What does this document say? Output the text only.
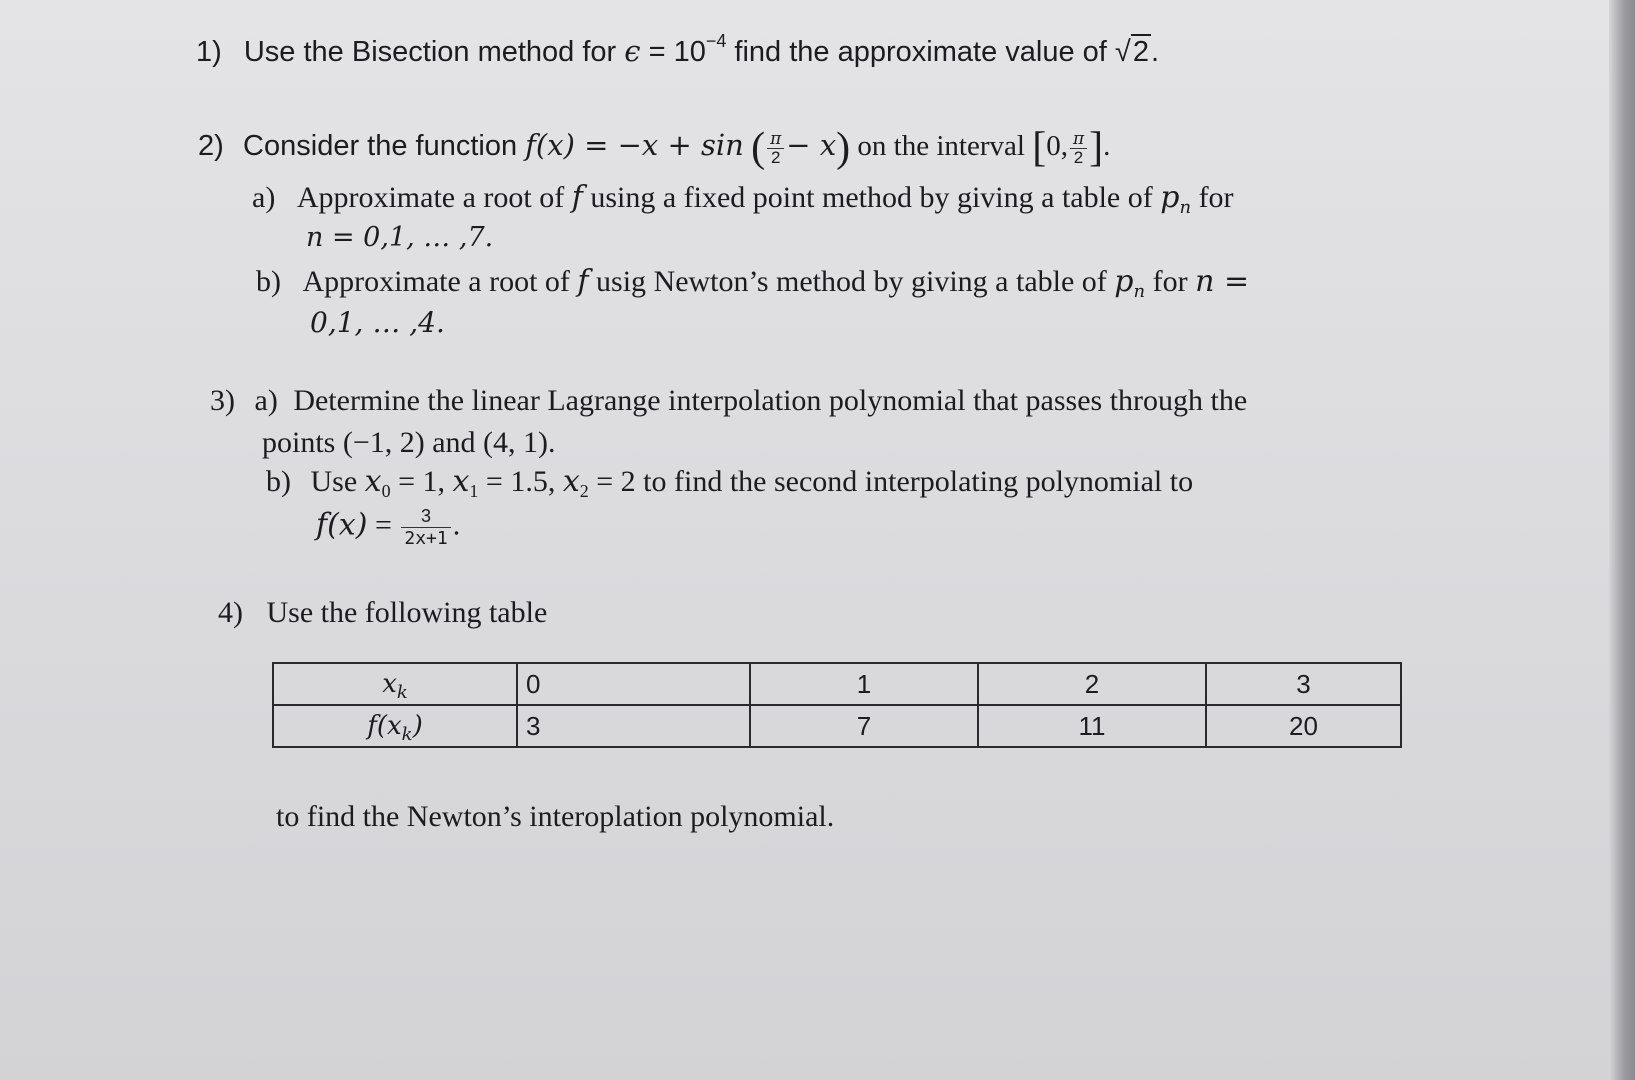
1) Use the Bisection method for $\epsilon = 10^{-4}$ find the approximate value of √2.
2) Consider the function f(x) = −x + sin ( $\frac{\pi}{2} - x$) on the interval [0, $\frac{\pi}{2}$ ].
a) Approximate a root of f using a fixed point method by giving a table of $p_n$ for
n = 0,1, … ,7.
b) Approximate a root of f usig Newton’s method by giving a table of $p_n$ for n =
0,1, … ,4.
3) a) Determine the linear Lagrange interpolation polynomial that passes through the
points (−1, 2) and (4, 1).
b) Use $x_0 = 1$, $x_1 = 1.5$, $x_2 = 2$ to find the second interpolating polynomial to
$f(x) = \frac{3}{2x+1}$ .
4) Use the following table
$x_k$	0	1	2	3
$f(x_k)$	3	7	11	20
to find the Newton’s interoplation polynomial.
